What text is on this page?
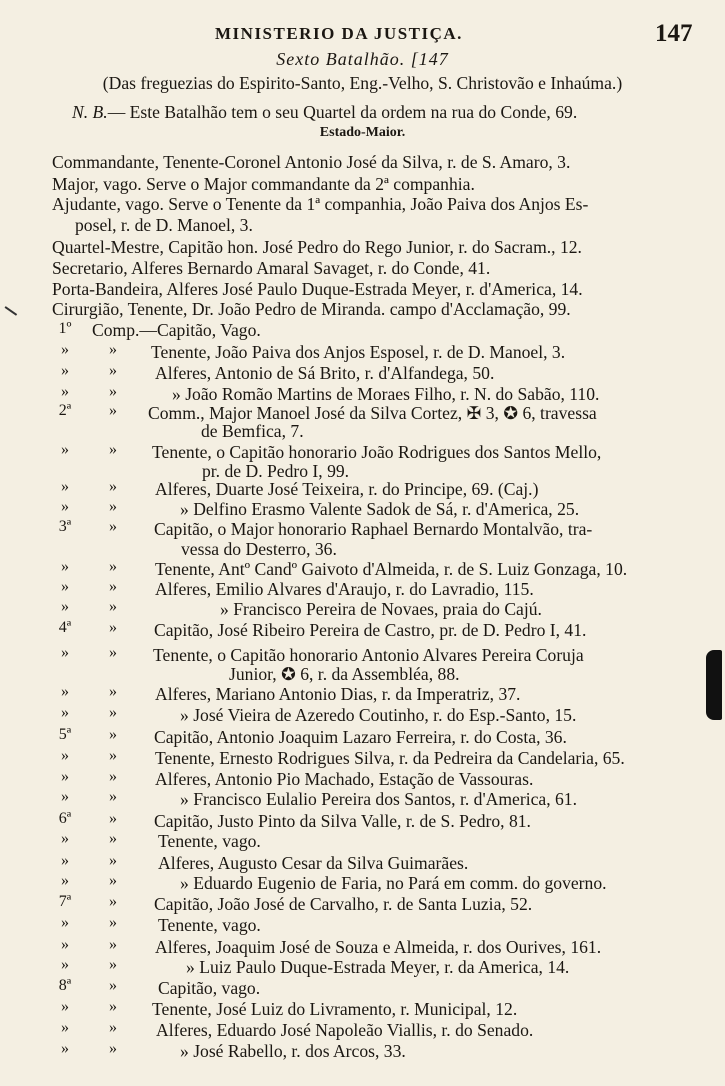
MINISTERIO DA JUSTIÇA.	147
Sexto Batalhão. [147
(Das freguezias do Espirito-Santo, Eng.-Velho, S. Christovão e Inhaúma.)
N. B.— Este Batalhão tem o seu Quartel da ordem na rua do Conde, 69.
Estado-Maior.
Commandante, Tenente-Coronel Antonio José da Silva, r. de S. Amaro, 3.
Major, vago. Serve o Major commandante da 2ª companhia.
Ajudante, vago. Serve o Tenente da 1ª companhia, João Paiva dos Anjos Es-
posel, r. de D. Manoel, 3.
Quartel-Mestre, Capitão hon. José Pedro do Rego Junior, r. do Sacram., 12.
Secretario, Alferes Bernardo Amaral Savaget, r. do Conde, 41.
Porta-Bandeira, Alferes José Paulo Duque-Estrada Meyer, r. d'America, 14.
Cirurgião, Tenente, Dr. João Pedro de Miranda. campo d'Acclamação, 99.
1º	Comp.—Capitão, Vago.
»	»	Tenente, João Paiva dos Anjos Esposel, r. de D. Manoel, 3.
»	»	Alferes, Antonio de Sá Brito, r. d'Alfandega, 50.
»	»	» João Romão Martins de Moraes Filho, r. N. do Sabão, 110.
2ª	»	Comm., Major Manoel José da Silva Cortez, ✠ 3, ✪ 6, travessa
de Bemfica, 7.
»	»	Tenente, o Capitão honorario João Rodrigues dos Santos Mello,
pr. de D. Pedro I, 99.
»	»	Alferes, Duarte José Teixeira, r. do Principe, 69. (Caj.)
»	»	» Delfino Erasmo Valente Sadok de Sá, r. d'America, 25.
3ª	»	Capitão, o Major honorario Raphael Bernardo Montalvão, tra-
vessa do Desterro, 36.
»	»	Tenente, Antº Candº Gaivoto d'Almeida, r. de S. Luiz Gonzaga, 10.
»	»	Alferes, Emilio Alvares d'Araujo, r. do Lavradio, 115.
»	»	» Francisco Pereira de Novaes, praia do Cajú.
4ª	»	Capitão, José Ribeiro Pereira de Castro, pr. de D. Pedro I, 41.
»	»	Tenente, o Capitão honorario Antonio Alvares Pereira Coruja
Junior, ✪ 6, r. da Assembléa, 88.
»	»	Alferes, Mariano Antonio Dias, r. da Imperatriz, 37.
»	»	» José Vieira de Azeredo Coutinho, r. do Esp.-Santo, 15.
5ª	»	Capitão, Antonio Joaquim Lazaro Ferreira, r. do Costa, 36.
»	»	Tenente, Ernesto Rodrigues Silva, r. da Pedreira da Candelaria, 65.
»	»	Alferes, Antonio Pio Machado, Estação de Vassouras.
»	»	» Francisco Eulalio Pereira dos Santos, r. d'America, 61.
6ª	»	Capitão, Justo Pinto da Silva Valle, r. de S. Pedro, 81.
»	»	Tenente, vago.
»	»	Alferes, Augusto Cesar da Silva Guimarães.
»	»	» Eduardo Eugenio de Faria, no Pará em comm. do governo.
7ª	»	Capitão, João José de Carvalho, r. de Santa Luzia, 52.
»	»	Tenente, vago.
»	»	Alferes, Joaquim José de Souza e Almeida, r. dos Ourives, 161.
»	»	» Luiz Paulo Duque-Estrada Meyer, r. da America, 14.
8ª	»	Capitão, vago.
»	»	Tenente, José Luiz do Livramento, r. Municipal, 12.
»	»	Alferes, Eduardo José Napoleão Viallis, r. do Senado.
»	»	» José Rabello, r. dos Arcos, 33.
